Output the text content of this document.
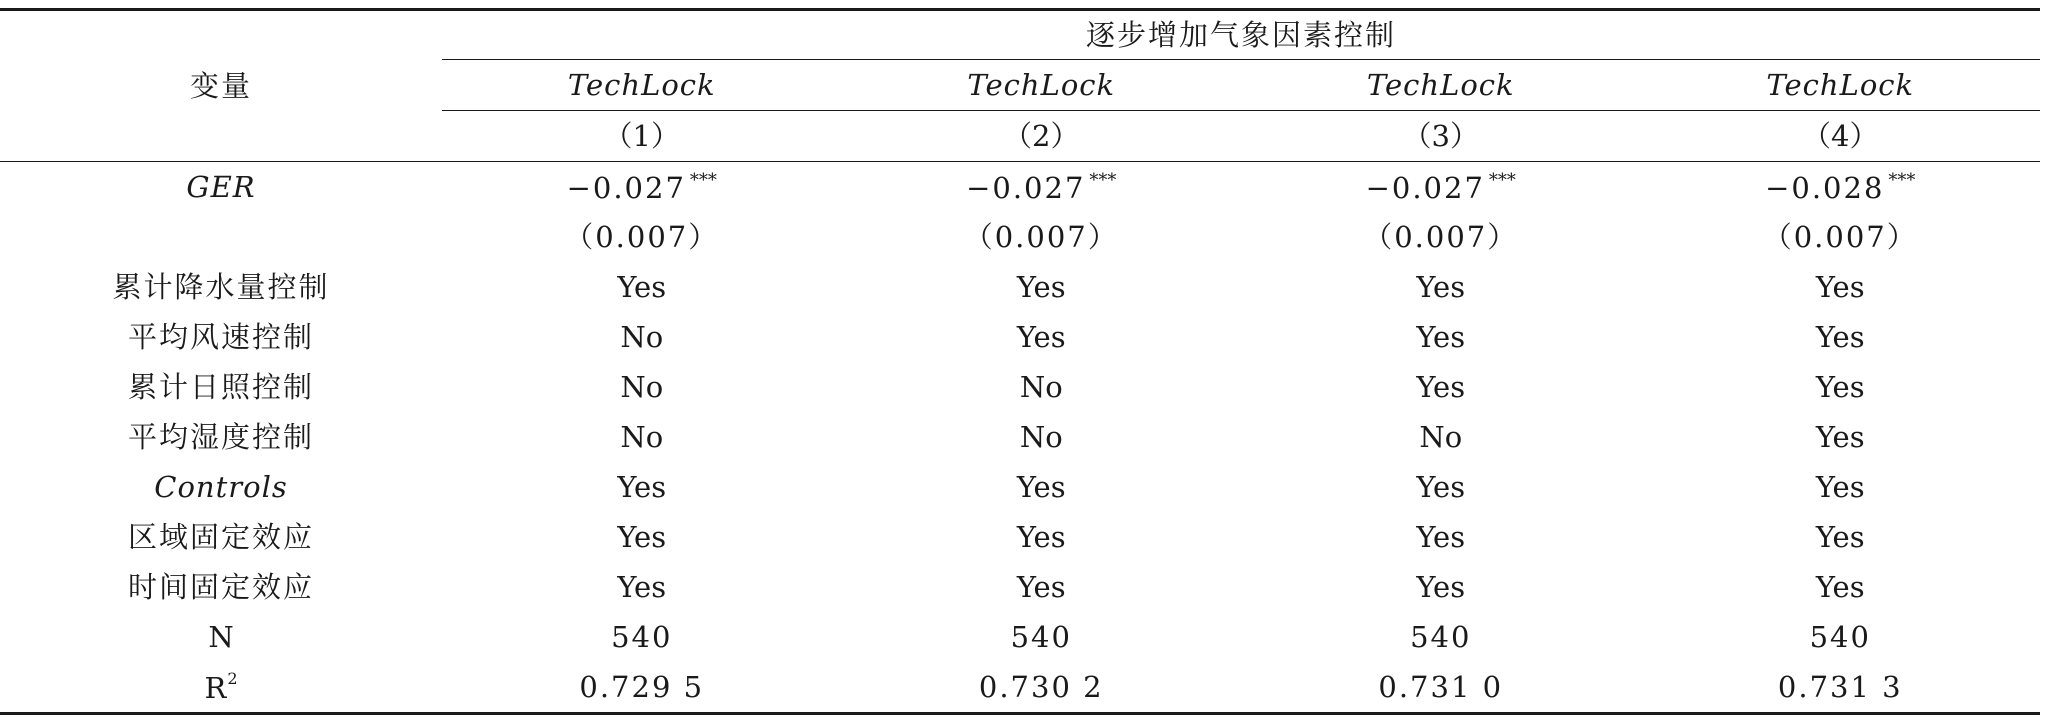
变量	逐步增加气象因素控制			
	TechLock	TechLock	TechLock	TechLock
	（1）	（2）	（3）	（4）
GER	−0.027 ***	−0.027 ***	−0.027 ***	−0.028 ***
	（0.007）	（0.007）	（0.007）	（0.007）
累计降水量控制	Yes	Yes	Yes	Yes
平均风速控制	No	Yes	Yes	Yes
累计日照控制	No	No	Yes	Yes
平均湿度控制	No	No	No	Yes
Controls	Yes	Yes	Yes	Yes
区域固定效应	Yes	Yes	Yes	Yes
时间固定效应	Yes	Yes	Yes	Yes
N	540	540	540	540
$R^2$	0.729 5	0.730 2	0.731 0	0.731 3
